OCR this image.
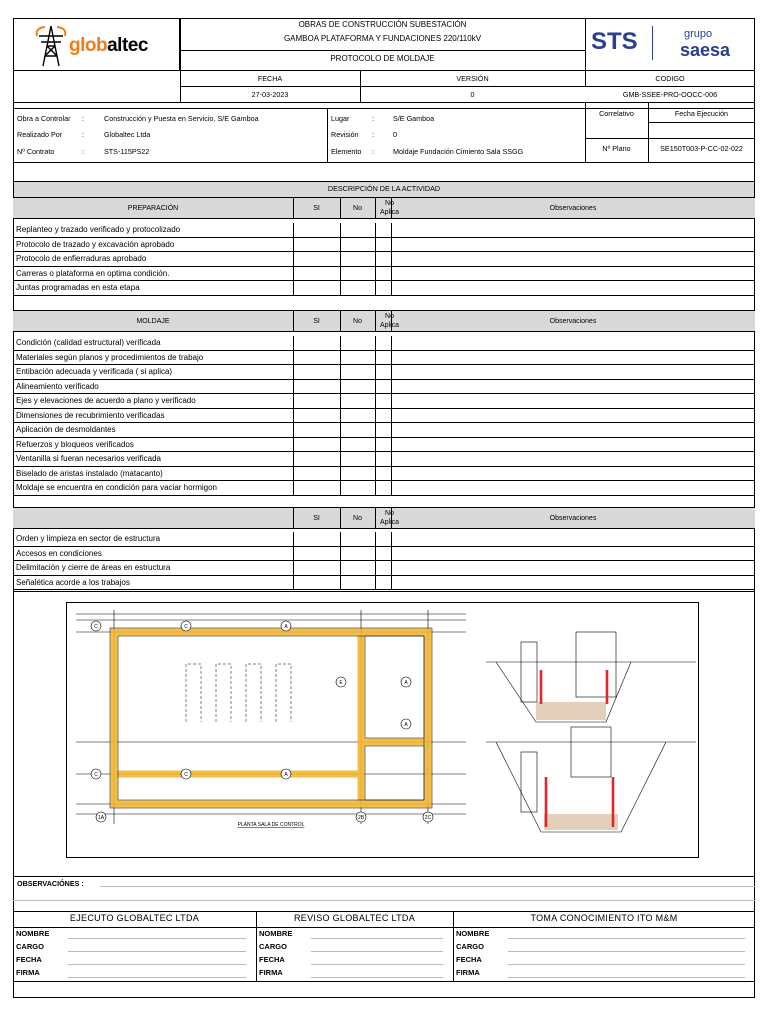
globaltec
OBRAS DE CONSTRUCCIÓN SUBESTACIÓN
GAMBOA PLATAFORMA Y FUNDACIONES 220/110kV
PROTOCOLO DE MOLDAJE
STS	grupo
saesa
FECHA
27-03-2023
VERSIÓN
0
CODIGO
GMB-SSEE-PRO-OOCC-006
Obra a Controlar :	Construcción y Puesta en Servicio, S/E Gamboa
Realizado Por	:	Globaltec Ltda
Nº Contrato	:	STS-115PS22
Lugar	:	S/E Gamboa
Revisión :	0
Elemento :	Moldaje Fundación Cimiento Sala SSGG
Correlativo	Fecha Ejecución
Nº Plano	SE150T003-P-CC-02-022
DESCRIPCIÓN DE LA ACTIVIDAD
PREPARACIÓN	SI	No
No
Aplica
Observaciones
Replanteo y trazado verificado y protocolizado
Protocolo de trazado y excavación aprobado
Protocolo de enfierraduras aprobado
Carreras o plataforma en optima condición.
Juntas programadas en esta etapa
MOLDAJE	SI	No
No
Aplica
Observaciones
Condición (calidad estructural) verificada
Materiales según planos y procedimientos de trabajo
Entibación adecuada y verificada ( si aplica)
Alineamiento verificado
Ejes y elevaciones de acuerdo a plano y verificado
Dimensiones de recubrimiento verificadas
Aplicación de desmoldantes
Refuerzos y bloqueos verificados
Ventanilla si fueran necesarios verificada
Biselado de aristas instalado (matacanto)
Moldaje se encuentra en condición para vaciar hormigon
SI	No
No
Aplica
Observaciones
Orden y limpieza en sector de estructura
Accesos en condiciones
Delimitación y cierre de áreas en estructura
Señalética acorde a los trabajos
C	C	A
C	C	A
E
A
A
1A	2B	2C
PLANTA SALA DE CONTROL
OBSERVACIÓNES :
EJECUTO GLOBALTEC LTDA
NOMBRE
CARGO
FECHA
FIRMA
REVISO GLOBALTEC LTDA
NOMBRE
CARGO
FECHA
FIRMA
TOMA CONOCIMIENTO ITO M&M
NOMBRE
CARGO
FECHA
FIRMA
